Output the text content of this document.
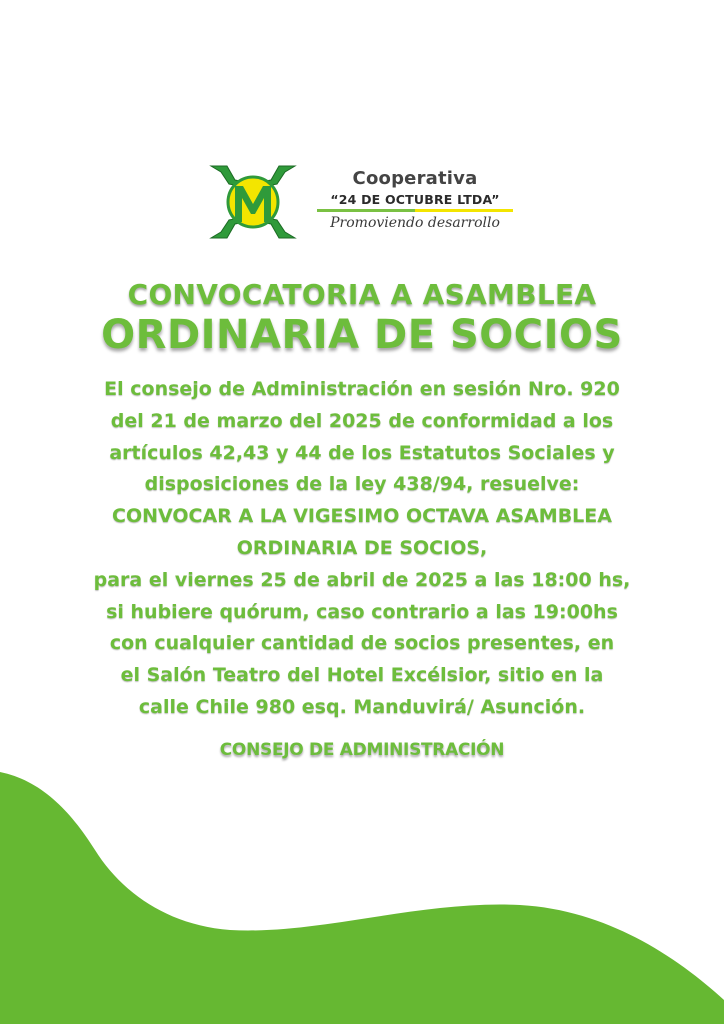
Cooperativa
“24 DE OCTUBRE LTDA”
Promoviendo desarrollo
CONVOCATORIA A ASAMBLEA
ORDINARIA DE SOCIOS
El consejo de Administración en sesión Nro. 920
del 21 de marzo del 2025 de conformidad a los
artículos 42,43 y 44 de los Estatutos Sociales y
disposiciones de la ley 438/94, resuelve:
CONVOCAR A LA VIGESIMO OCTAVA ASAMBLEA
ORDINARIA DE SOCIOS,
para el viernes 25 de abril de 2025 a las 18:00 hs,
si hubiere quórum, caso contrario a las 19:00hs
con cualquier cantidad de socios presentes, en
el Salón Teatro del Hotel Excélsior, sitio en la
calle Chile 980 esq. Manduvirá/ Asunción.
CONSEJO DE ADMINISTRACIÓN
